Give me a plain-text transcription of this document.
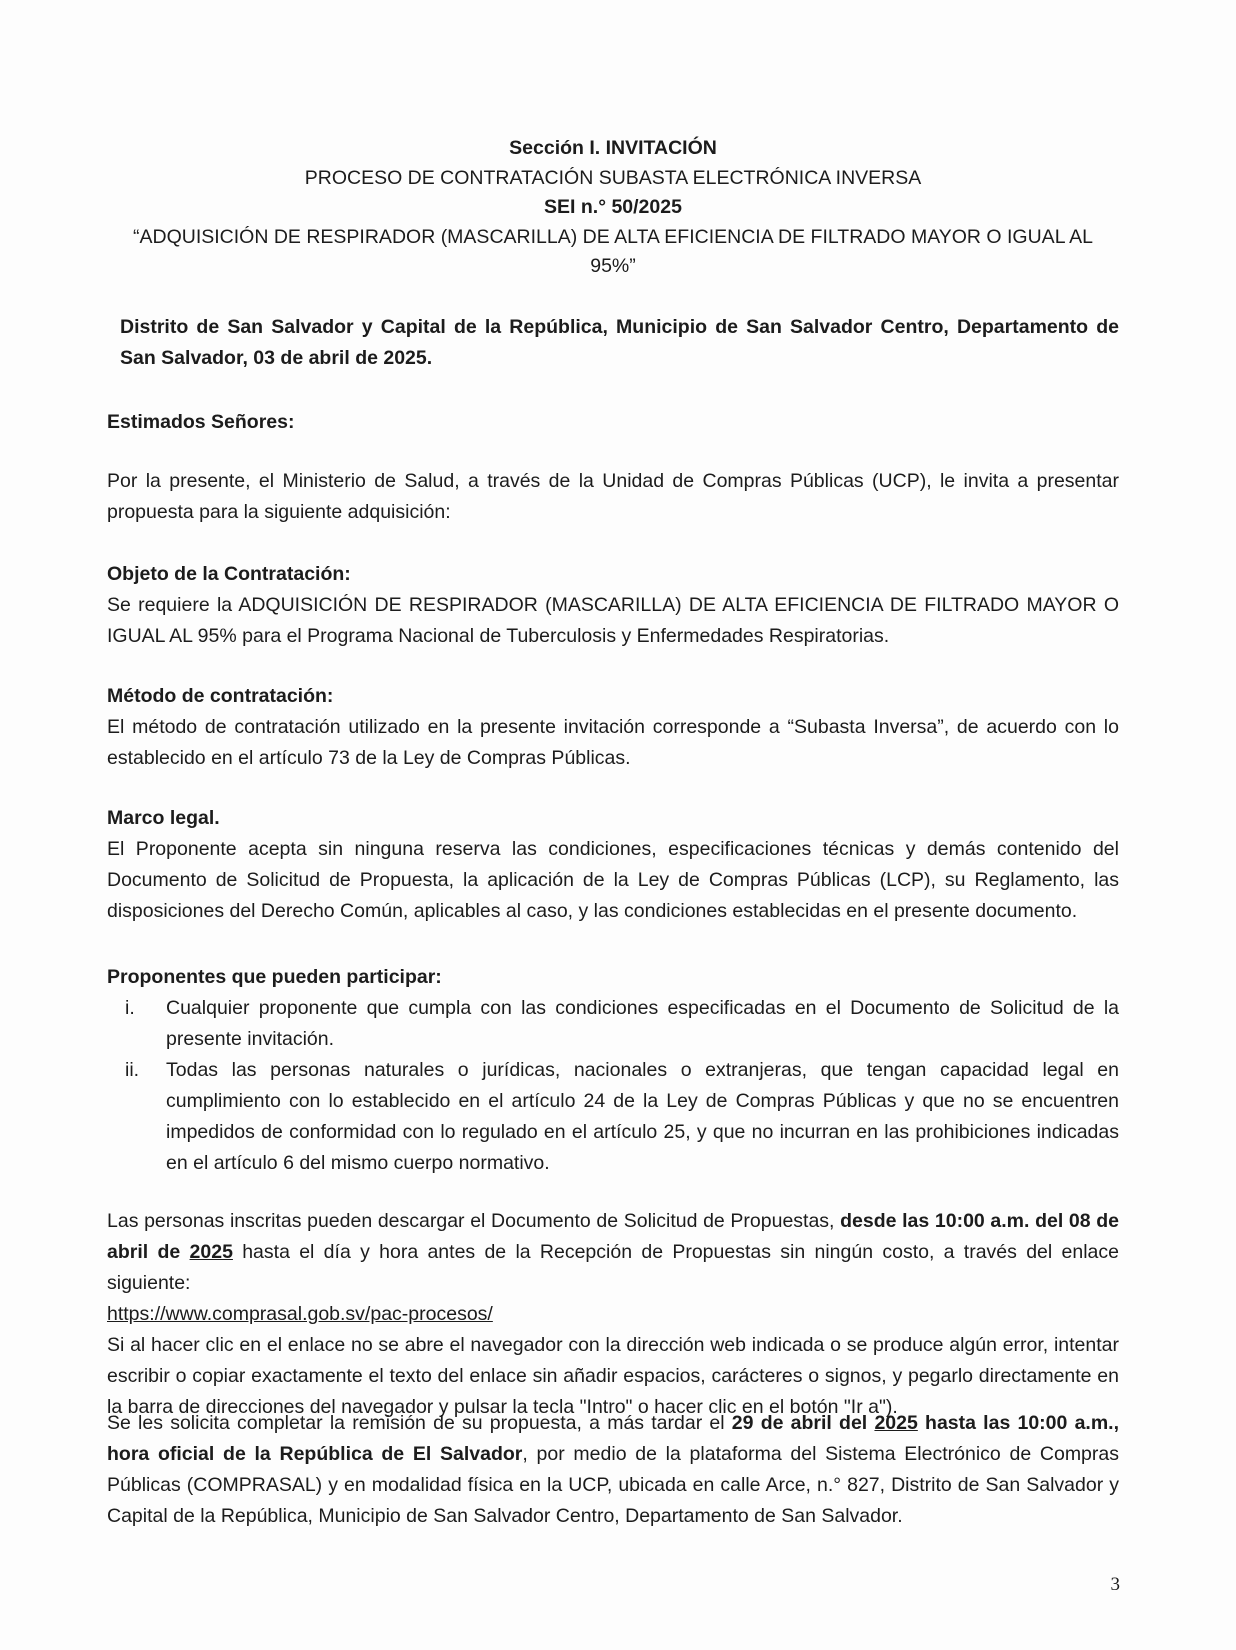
Sección I. INVITACIÓN
PROCESO DE CONTRATACIÓN SUBASTA ELECTRÓNICA INVERSA
SEI n.° 50/2025
“ADQUISICIÓN DE RESPIRADOR (MASCARILLA) DE ALTA EFICIENCIA DE FILTRADO MAYOR O IGUAL AL 95%”
Distrito de San Salvador y Capital de la República, Municipio de San Salvador Centro, Departamento de San Salvador, 03 de abril de 2025.
Estimados Señores:
Por la presente, el Ministerio de Salud, a través de la Unidad de Compras Públicas (UCP), le invita a presentar propuesta para la siguiente adquisición:
Objeto de la Contratación:
Se requiere la ADQUISICIÓN DE RESPIRADOR (MASCARILLA) DE ALTA EFICIENCIA DE FILTRADO MAYOR O IGUAL AL 95% para el Programa Nacional de Tuberculosis y Enfermedades Respiratorias.
Método de contratación:
El método de contratación utilizado en la presente invitación corresponde a “Subasta Inversa”, de acuerdo con lo establecido en el artículo 73 de la Ley de Compras Públicas.
Marco legal.
El Proponente acepta sin ninguna reserva las condiciones, especificaciones técnicas y demás contenido del Documento de Solicitud de Propuesta, la aplicación de la Ley de Compras Públicas (LCP), su Reglamento, las disposiciones del Derecho Común, aplicables al caso, y las condiciones establecidas en el presente documento.
Proponentes que pueden participar:
i. Cualquier proponente que cumpla con las condiciones especificadas en el Documento de Solicitud de la presente invitación.
ii. Todas las personas naturales o jurídicas, nacionales o extranjeras, que tengan capacidad legal en cumplimiento con lo establecido en el artículo 24 de la Ley de Compras Públicas y que no se encuentren impedidos de conformidad con lo regulado en el artículo 25, y que no incurran en las prohibiciones indicadas en el artículo 6 del mismo cuerpo normativo.
Las personas inscritas pueden descargar el Documento de Solicitud de Propuestas, desde las 10:00 a.m. del 08 de abril de 2025 hasta el día y hora antes de la Recepción de Propuestas sin ningún costo, a través del enlace siguiente:
https://www.comprasal.gob.sv/pac-procesos/
Si al hacer clic en el enlace no se abre el navegador con la dirección web indicada o se produce algún error, intentar escribir o copiar exactamente el texto del enlace sin añadir espacios, carácteres o signos, y pegarlo directamente en la barra de direcciones del navegador y pulsar la tecla "Intro" o hacer clic en el botón "Ir a").
Se les solicita completar la remisión de su propuesta, a más tardar el 29 de abril del 2025 hasta las 10:00 a.m., hora oficial de la República de El Salvador, por medio de la plataforma del Sistema Electrónico de Compras Públicas (COMPRASAL) y en modalidad física en la UCP, ubicada en calle Arce, n.° 827, Distrito de San Salvador y Capital de la República, Municipio de San Salvador Centro, Departamento de San Salvador.
3
